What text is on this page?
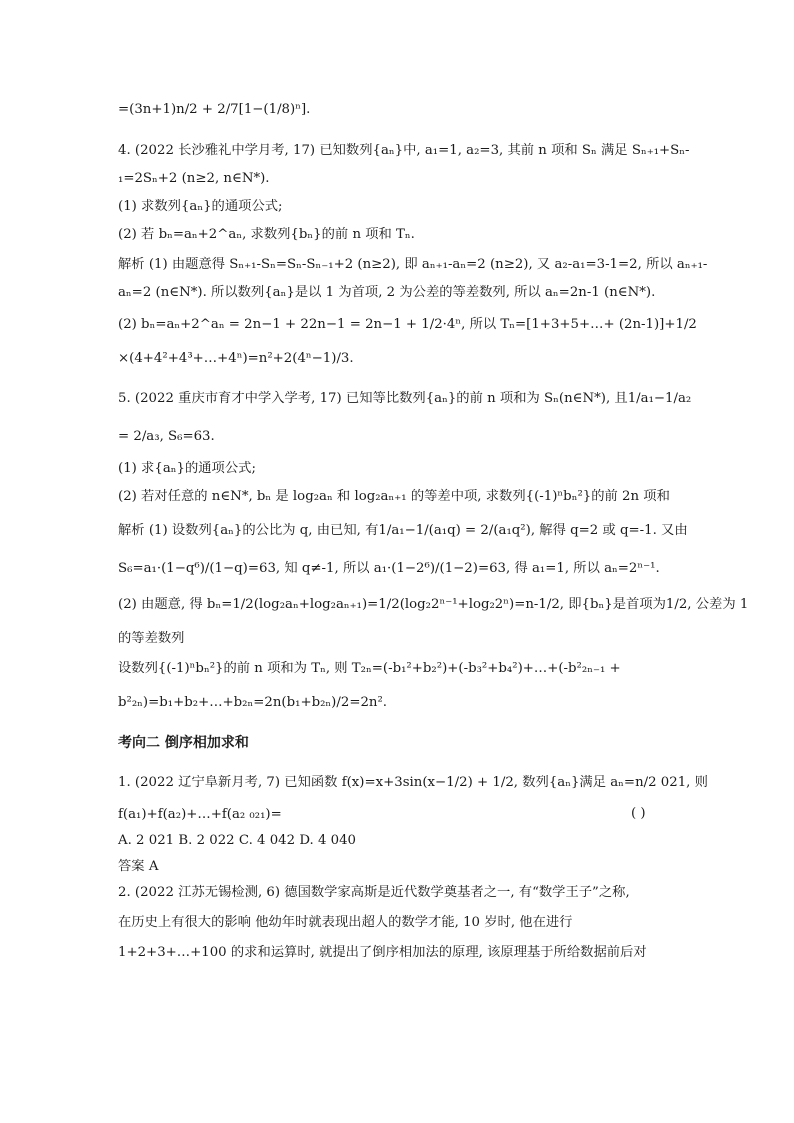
=(3n+1)n/2 + 2/7[1−(1/8)ⁿ].
4. (2022 长沙雅礼中学月考, 17) 已知数列{aₙ}中, a₁=1, a₂=3, 其前 n 项和 Sₙ 满足 Sₙ₊₁+Sₙ-
₁=2Sₙ+2 (n≥2, n∈N*).
(1) 求数列{aₙ}的通项公式;
(2) 若 bₙ=aₙ+2^aₙ, 求数列{bₙ}的前 n 项和 Tₙ.
解析 (1) 由题意得 Sₙ₊₁-Sₙ=Sₙ-Sₙ₋₁+2 (n≥2), 即 aₙ₊₁-aₙ=2 (n≥2), 又 a₂-a₁=3-1=2, 所以 aₙ₊₁-
aₙ=2 (n∈N*). 所以数列{aₙ}是以 1 为首项, 2 为公差的等差数列, 所以 aₙ=2n-1 (n∈N*).
(2) bₙ=aₙ+2^aₙ = 2n−1 + 22n−1 = 2n−1 + 1/2·4ⁿ, 所以 Tₙ=[1+3+5+…+ (2n-1)]+1/2
×(4+4²+4³+…+4ⁿ)=n²+2(4ⁿ−1)/3.
5. (2022 重庆市育才中学入学考, 17) 已知等比数列{aₙ}的前 n 项和为 Sₙ(n∈N*), 且1/a₁−1/a₂
= 2/a₃, S₆=63.
(1) 求{aₙ}的通项公式;
(2) 若对任意的 n∈N*, bₙ 是 log₂aₙ 和 log₂aₙ₊₁ 的等差中项, 求数列{(-1)ⁿbₙ²}的前 2n 项和
解析 (1) 设数列{aₙ}的公比为 q, 由已知, 有1/a₁−1/(a₁q) = 2/(a₁q²), 解得 q=2 或 q=-1. 又由
S₆=a₁·(1−q⁶)/(1−q)=63, 知 q≠-1, 所以 a₁·(1−2⁶)/(1−2)=63, 得 a₁=1, 所以 aₙ=2ⁿ⁻¹.
(2) 由题意, 得 bₙ=1/2(log₂aₙ+log₂aₙ₊₁)=1/2(log₂2ⁿ⁻¹+log₂2ⁿ)=n-1/2, 即{bₙ}是首项为1/2, 公差为 1
的等差数列
设数列{(-1)ⁿbₙ²}的前 n 项和为 Tₙ, 则 T₂ₙ=(-b₁²+b₂²)+(-b₃²+b₄²)+…+(-b²₂ₙ₋₁ +
b²₂ₙ)=b₁+b₂+…+b₂ₙ=2n(b₁+b₂ₙ)/2=2n².
考向二 倒序相加求和
1. (2022 辽宁阜新月考, 7) 已知函数 f(x)=x+3sin(x−1/2) + 1/2, 数列{aₙ}满足 aₙ=n/2 021, 则
f(a₁)+f(a₂)+…+f(a₂ ₀₂₁)=	( )
A. 2 021 B. 2 022 C. 4 042 D. 4 040
答案 A
2. (2022 江苏无锡检测, 6) 德国数学家高斯是近代数学奠基者之一, 有“数学王子”之称,
在历史上有很大的影响 他幼年时就表现出超人的数学才能, 10 岁时, 他在进行
1+2+3+…+100 的求和运算时, 就提出了倒序相加法的原理, 该原理基于所给数据前后对
